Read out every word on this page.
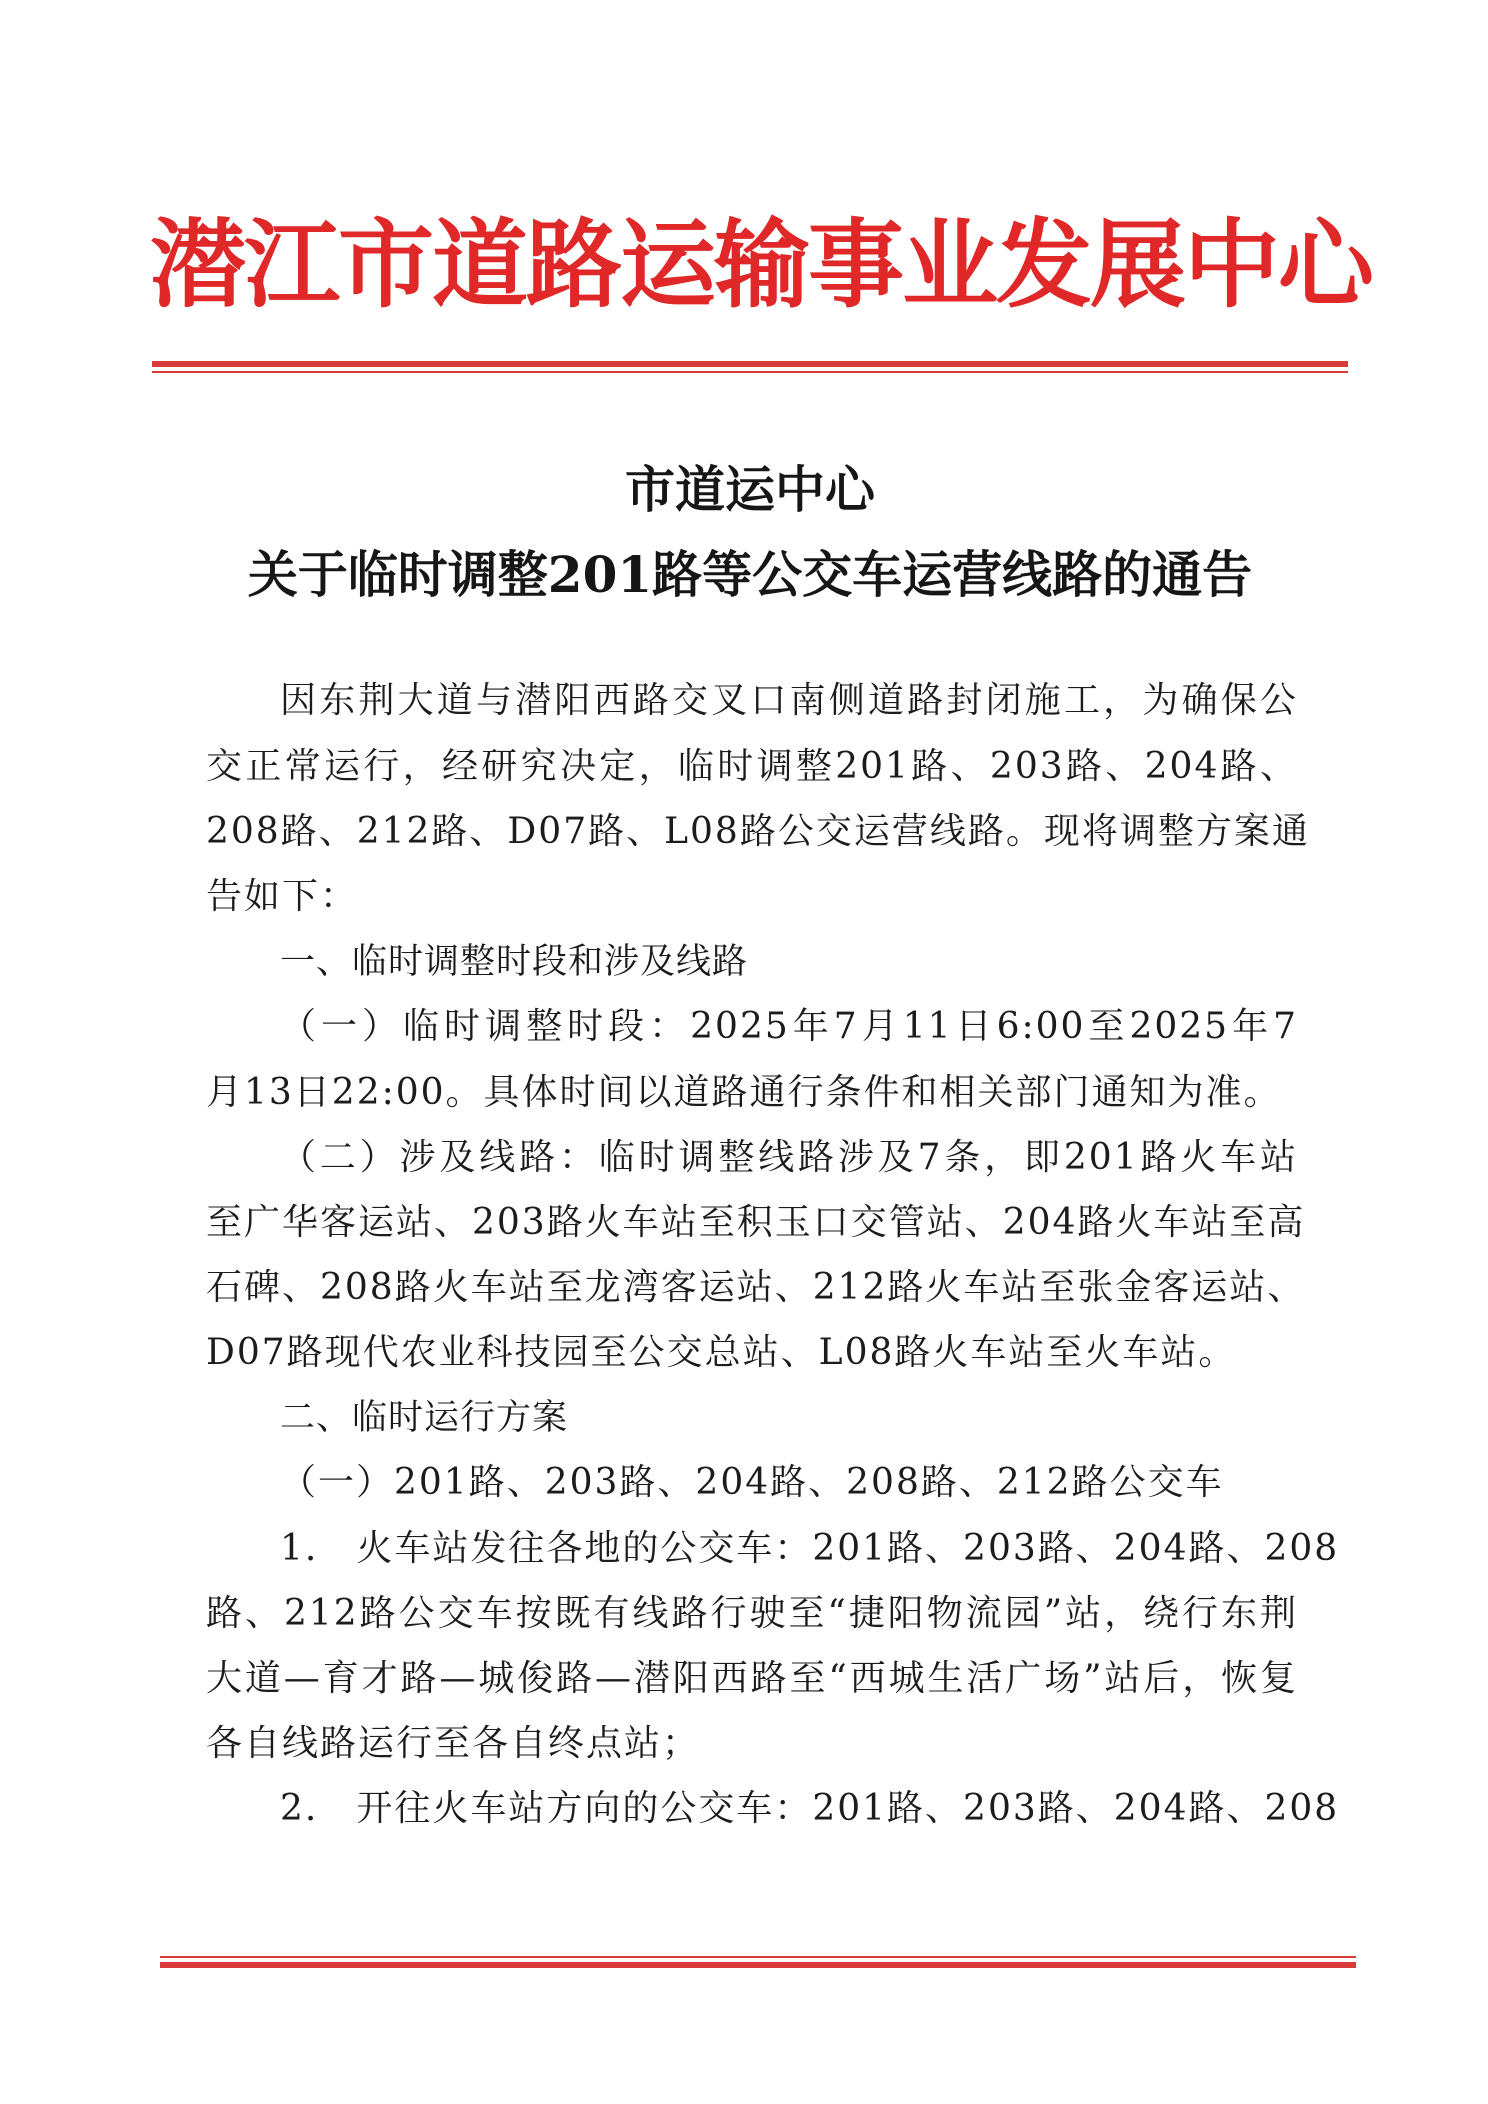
潜江市道路运输事业发展中心
市道运中心
关于临时调整201路等公交车运营线路的通告
因东荆大道与潜阳西路交叉口南侧道路封闭施工，为确保公
交正常运行，经研究决定，临时调整201路、203路、204路、
208路、212路、D07路、L08路公交运营线路。现将调整方案通
告如下：
一、临时调整时段和涉及线路
（一）临时调整时段：2025年7月11日6:00至2025年7
月13日22:00。具体时间以道路通行条件和相关部门通知为准。
（二）涉及线路：临时调整线路涉及7条，即201路火车站
至广华客运站、203路火车站至积玉口交管站、204路火车站至高
石碑、208路火车站至龙湾客运站、212路火车站至张金客运站、
D07路现代农业科技园至公交总站、L08路火车站至火车站。
二、临时运行方案
（一）201路、203路、204路、208路、212路公交车
1.　火车站发往各地的公交车：201路、203路、204路、208
路、212路公交车按既有线路行驶至“捷阳物流园”站，绕行东荆
大道—育才路—城俊路—潜阳西路至“西城生活广场”站后，恢复
各自线路运行至各自终点站；
2.　开往火车站方向的公交车：201路、203路、204路、208
